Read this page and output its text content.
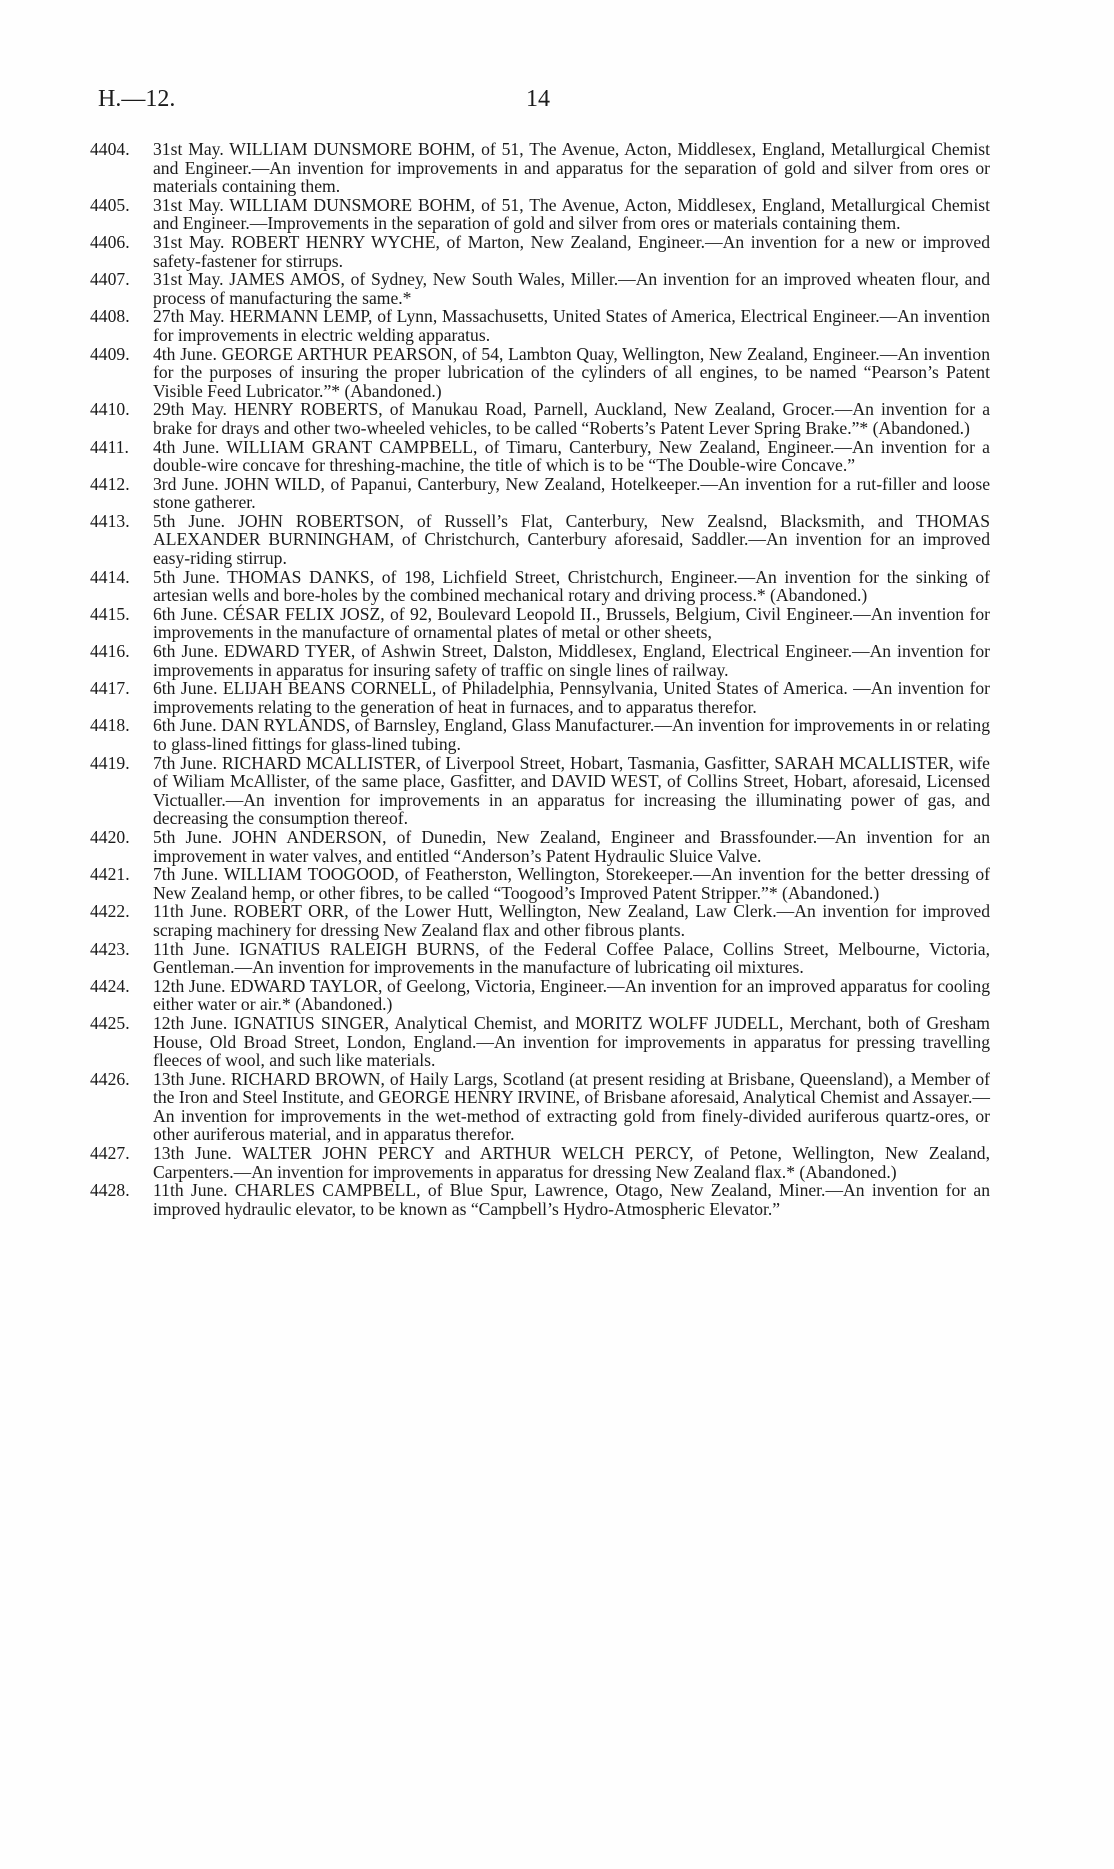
H.—12.	14

4404. 31st May. WILLIAM DUNSMORE BOHM, of 51, The Avenue, Acton, Middlesex, England, Metallurgical Chemist and Engineer.—An invention for improvements in and apparatus for the separation of gold and silver from ores or materials containing them.

4405. 31st May. WILLIAM DUNSMORE BOHM, of 51, The Avenue, Acton, Middlesex, England, Metallurgical Chemist and Engineer.—Improvements in the separation of gold and silver from ores or materials containing them.

4406. 31st May. ROBERT HENRY WYCHE, of Marton, New Zealand, Engineer.—An invention for a new or improved safety-fastener for stirrups.

4407. 31st May. JAMES AMOS, of Sydney, New South Wales, Miller.—An invention for an improved wheaten flour, and process of manufacturing the same.*

4408. 27th May. HERMANN LEMP, of Lynn, Massachusetts, United States of America, Electrical Engineer.—An invention for improvements in electric welding apparatus.

4409. 4th June. GEORGE ARTHUR PEARSON, of 54, Lambton Quay, Wellington, New Zealand, Engineer.—An invention for the purposes of insuring the proper lubrication of the cylinders of all engines, to be named “Pearson’s Patent Visible Feed Lubricator.”* (Abandoned.)

4410. 29th May. HENRY ROBERTS, of Manukau Road, Parnell, Auckland, New Zealand, Grocer.—An invention for a brake for drays and other two-wheeled vehicles, to be called “Roberts’s Patent Lever Spring Brake.”* (Abandoned.)

4411. 4th June. WILLIAM GRANT CAMPBELL, of Timaru, Canterbury, New Zealand, Engineer.—An invention for a double-wire concave for threshing-machine, the title of which is to be “The Double-wire Concave.”

4412. 3rd June. JOHN WILD, of Papanui, Canterbury, New Zealand, Hotelkeeper.—An invention for a rut-filler and loose stone gatherer.

4413. 5th June. JOHN ROBERTSON, of Russell’s Flat, Canterbury, New Zealsnd, Blacksmith, and THOMAS ALEXANDER BURNINGHAM, of Christchurch, Canterbury aforesaid, Saddler.—An invention for an improved easy-riding stirrup.

4414. 5th June. THOMAS DANKS, of 198, Lichfield Street, Christchurch, Engineer.—An invention for the sinking of artesian wells and bore-holes by the combined mechanical rotary and driving process.* (Abandoned.)

4415. 6th June. CÉSAR FELIX JOSZ, of 92, Boulevard Leopold II., Brussels, Belgium, Civil Engineer.—An invention for improvements in the manufacture of ornamental plates of metal or other sheets,

4416. 6th June. EDWARD TYER, of Ashwin Street, Dalston, Middlesex, England, Electrical Engineer.—An invention for improvements in apparatus for insuring safety of traffic on single lines of railway.

4417. 6th June. ELIJAH BEANS CORNELL, of Philadelphia, Pennsylvania, United States of America. —An invention for improvements relating to the generation of heat in furnaces, and to apparatus therefor.

4418. 6th June. DAN RYLANDS, of Barnsley, England, Glass Manufacturer.—An invention for improvements in or relating to glass-lined fittings for glass-lined tubing.

4419. 7th June. RICHARD MCALLISTER, of Liverpool Street, Hobart, Tasmania, Gasfitter, SARAH MCALLISTER, wife of Wiliam McAllister, of the same place, Gasfitter, and DAVID WEST, of Collins Street, Hobart, aforesaid, Licensed Victualler.—An invention for improvements in an apparatus for increasing the illuminating power of gas, and decreasing the consumption thereof.

4420. 5th June. JOHN ANDERSON, of Dunedin, New Zealand, Engineer and Brassfounder.—An invention for an improvement in water valves, and entitled “Anderson’s Patent Hydraulic Sluice Valve.

4421. 7th June. WILLIAM TOOGOOD, of Featherston, Wellington, Storekeeper.—An invention for the better dressing of New Zealand hemp, or other fibres, to be called “Toogood’s Improved Patent Stripper.”* (Abandoned.)

4422. 11th June. ROBERT ORR, of the Lower Hutt, Wellington, New Zealand, Law Clerk.—An invention for improved scraping machinery for dressing New Zealand flax and other fibrous plants.

4423. 11th June. IGNATIUS RALEIGH BURNS, of the Federal Coffee Palace, Collins Street, Melbourne, Victoria, Gentleman.—An invention for improvements in the manufacture of lubricating oil mixtures.

4424. 12th June. EDWARD TAYLOR, of Geelong, Victoria, Engineer.—An invention for an improved apparatus for cooling either water or air.* (Abandoned.)

4425. 12th June. IGNATIUS SINGER, Analytical Chemist, and MORITZ WOLFF JUDELL, Merchant, both of Gresham House, Old Broad Street, London, England.—An invention for improvements in apparatus for pressing travelling fleeces of wool, and such like materials.

4426. 13th June. RICHARD BROWN, of Haily Largs, Scotland (at present residing at Brisbane, Queensland), a Member of the Iron and Steel Institute, and GEORGE HENRY IRVINE, of Brisbane aforesaid, Analytical Chemist and Assayer.—An invention for improvements in the wet-method of extracting gold from finely-divided auriferous quartz-ores, or other auriferous material, and in apparatus therefor.

4427. 13th June. WALTER JOHN PERCY and ARTHUR WELCH PERCY, of Petone, Wellington, New Zealand, Carpenters.—An invention for improvements in apparatus for dressing New Zealand flax.* (Abandoned.)

4428. 11th June. CHARLES CAMPBELL, of Blue Spur, Lawrence, Otago, New Zealand, Miner.—An invention for an improved hydraulic elevator, to be known as “Campbell’s Hydro-Atmospheric Elevator.”
